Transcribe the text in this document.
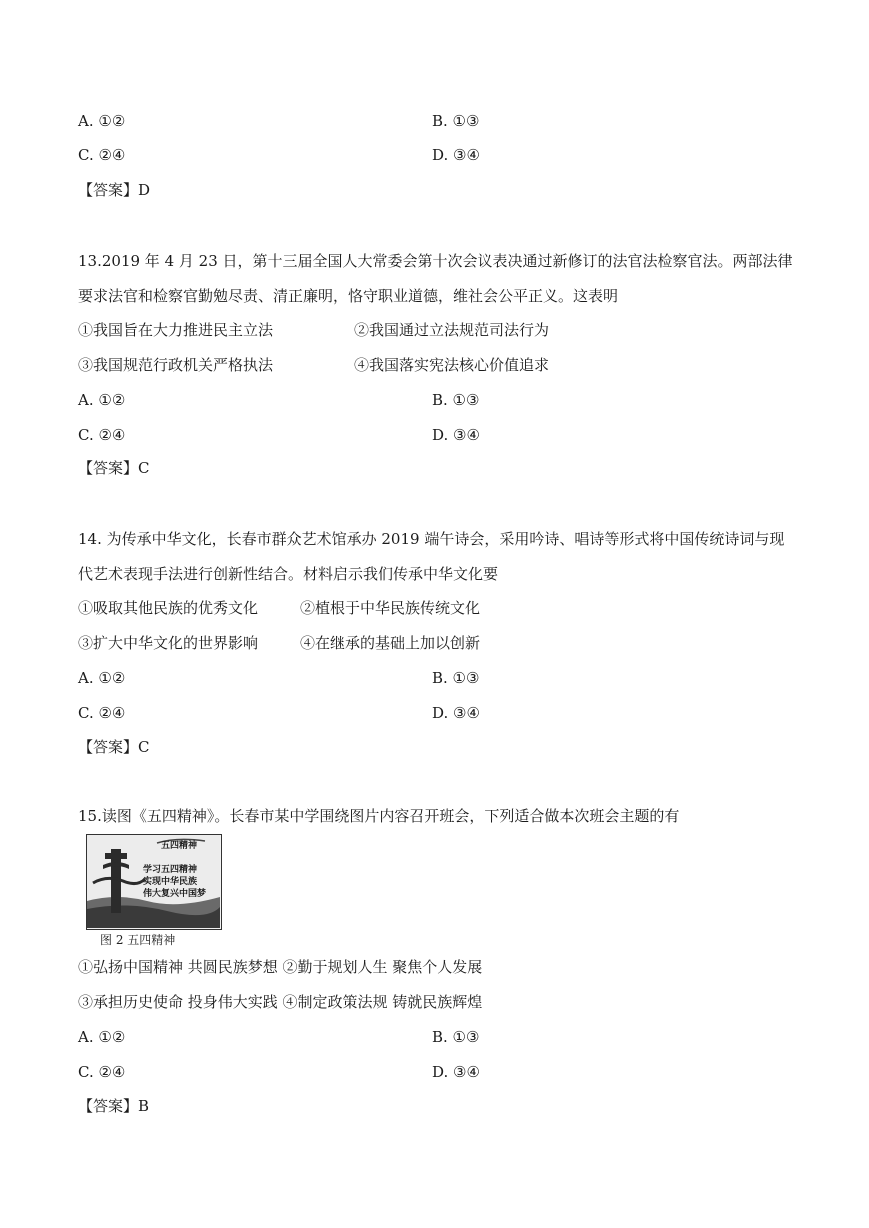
A. ①②	B. ①③
C. ②④	D. ③④
【答案】D
13.2019 年 4 月 23 日，第十三届全国人大常委会第十次会议表决通过新修订的法官法检察官法。两部法律
要求法官和检察官勤勉尽责、清正廉明，恪守职业道德，维社会公平正义。这表明
①我国旨在大力推进民主立法	②我国通过立法规范司法行为
③我国规范行政机关严格执法	④我国落实宪法核心价值追求
A. ①②	B. ①③
C. ②④	D. ③④
【答案】C
14. 为传承中华文化，长春市群众艺术馆承办 2019 端午诗会，采用吟诗、唱诗等形式将中国传统诗词与现
代艺术表现手法进行创新性结合。材料启示我们传承中华文化要
①吸取其他民族的优秀文化	②植根于中华民族传统文化
③扩大中华文化的世界影响	④在继承的基础上加以创新
A. ①②	B. ①③
C. ②④	D. ③④
【答案】C
15.读图《五四精神》。长春市某中学围绕图片内容召开班会，下列适合做本次班会主题的有
五四精神
学习五四精神
实现中华民族
伟大复兴中国梦
图 2 五四精神
①弘扬中国精神 共圆民族梦想 ②勤于规划人生 聚焦个人发展
③承担历史使命 投身伟大实践 ④制定政策法规 铸就民族辉煌
A. ①②	B. ①③
C. ②④	D. ③④
【答案】B
